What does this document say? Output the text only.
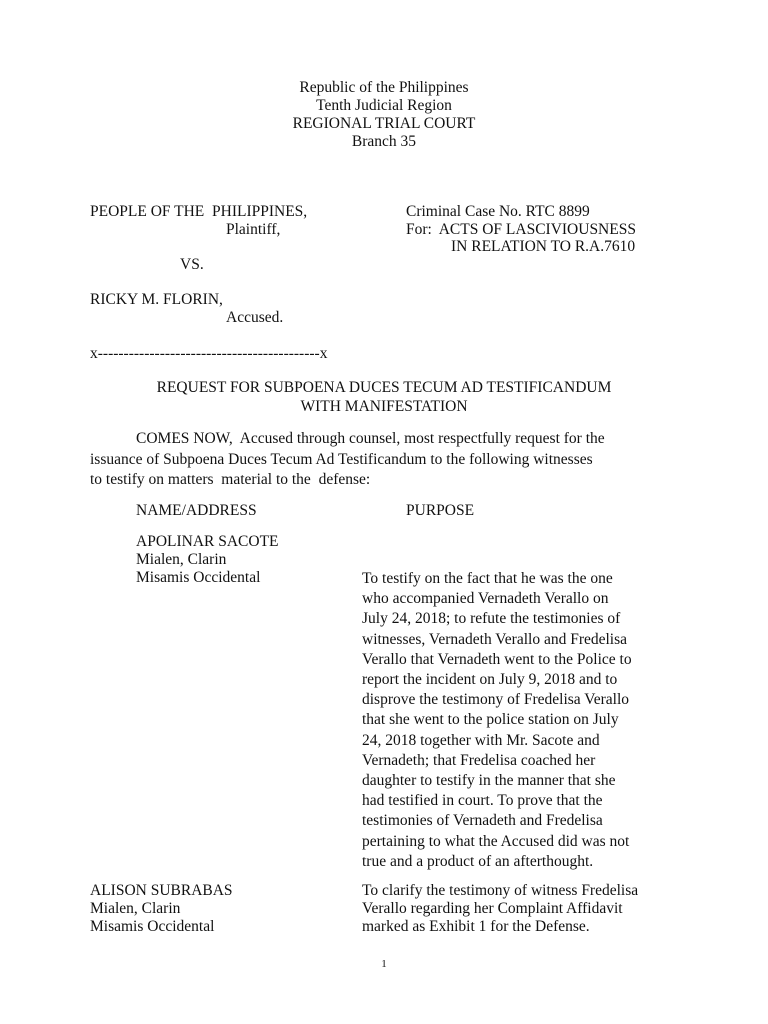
Republic of the Philippines
Tenth Judicial Region
REGIONAL TRIAL COURT
Branch 35
PEOPLE OF THE  PHILIPPINES,
Plaintiff,
VS.
RICKY M. FLORIN,
Accused.
Criminal Case No. RTC 8899
For:  ACTS OF LASCIVIOUSNESS
IN RELATION TO R.A.7610
x-------------------------------------------x
REQUEST FOR SUBPOENA DUCES TECUM AD TESTIFICANDUM
WITH MANIFESTATION
COMES NOW,  Accused through counsel, most respectfully request for the
issuance of Subpoena Duces Tecum Ad Testificandum to the following witnesses
to testify on matters  material to the  defense:
NAME/ADDRESS	PURPOSE
APOLINAR SACOTE
Mialen, Clarin
Misamis Occidental	To testify on the fact that he was the one
who accompanied Vernadeth Verallo on
July 24, 2018; to refute the testimonies of
witnesses, Vernadeth Verallo and Fredelisa
Verallo that Vernadeth went to the Police to
report the incident on July 9, 2018 and to
disprove the testimony of Fredelisa Verallo
that she went to the police station on July
24, 2018 together with Mr. Sacote and
Vernadeth; that Fredelisa coached her
daughter to testify in the manner that she
had testified in court. To prove that the
testimonies of Vernadeth and Fredelisa
pertaining to what the Accused did was not
true and a product of an afterthought.
ALISON SUBRABAS
Mialen, Clarin
Misamis Occidental
To clarify the testimony of witness Fredelisa
Verallo regarding her Complaint Affidavit
marked as Exhibit 1 for the Defense.
1
